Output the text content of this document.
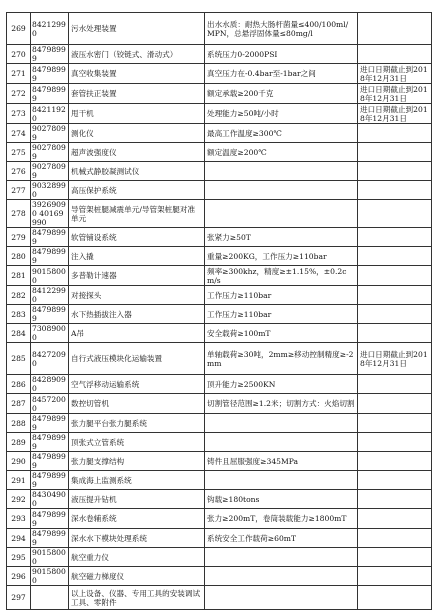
269	84212990	污水处理装置	出水水质：耐热大肠杆菌量≤400/100ml/MPN，总悬浮固体量≤80mg/l	
270	84798999	液压水密门（铰链式、滑动式）	系统压力0-2000PSI	
271	84798999	真空收集装置	真空压力在-0.4bar至-1bar之间	进口日期截止到2018年12月31日
272	84798999	套管扶正装置	额定承载≥200千克	进口日期截止到2018年12月31日
273	84211920	甩干机	处理能力≥50吨/小时	进口日期截止到2018年12月31日
274	90278099	测化仪	最高工作温度≥300℃	
275	90278099	超声波强度仪	额定温度≥200℃	
276	90278099	机械式静胶凝测试仪		
277	90328990	高压保护系统		
278	39269090 40169990	导管架桩腿减震单元/导管架桩腿对准单元		
279	84798999	软管铺设系统	张紧力≥50T	
280	84798999	注入撬	重量≥200KG，工作压力≥110bar	
281	90158000	多普勒计速器	频率≥300khz，精度≥±1.15%，±0.2cm/s	
282	84122990	对接探头	工作压力≥110bar	
283	84798999	水下热插拔注入器	工作压力≥110bar	
284	73089000	A吊	安全载荷≥100mT	
285	84272090	自行式液压模块化运输装置	单轴载荷≥30吨，2mm≥移动控制精度≥-2mm	进口日期截止到2018年12月31日
286	84289090	空气浮移动运输系统	顶升能力≥2500KN	
287	84572000	数控切管机	切割管径范围≥1.2米；切割方式：火焰切割	
288	84798999	张力腿平台张力腿系统		
289	84798999	顶张式立管系统		
290	84798999	张力腿支撑结构	铸件且屈服强度≥345MPa	
291	84798999	集成海上监测系统		
292	84304900	液压提升钻机	钩载≥180tons	
293	84798999	深水卷辅系统	张力≥200mT，卷筒装载能力≥1800mT	
294	84798999	深水水下模块处理系统	系统安全工作载荷≥60mT	
295	90158000	航空重力仪		
296	90158000	航空磁力梯度仪		
297		以上设备、仪器、专用工具的安装调试工具、零附件		
